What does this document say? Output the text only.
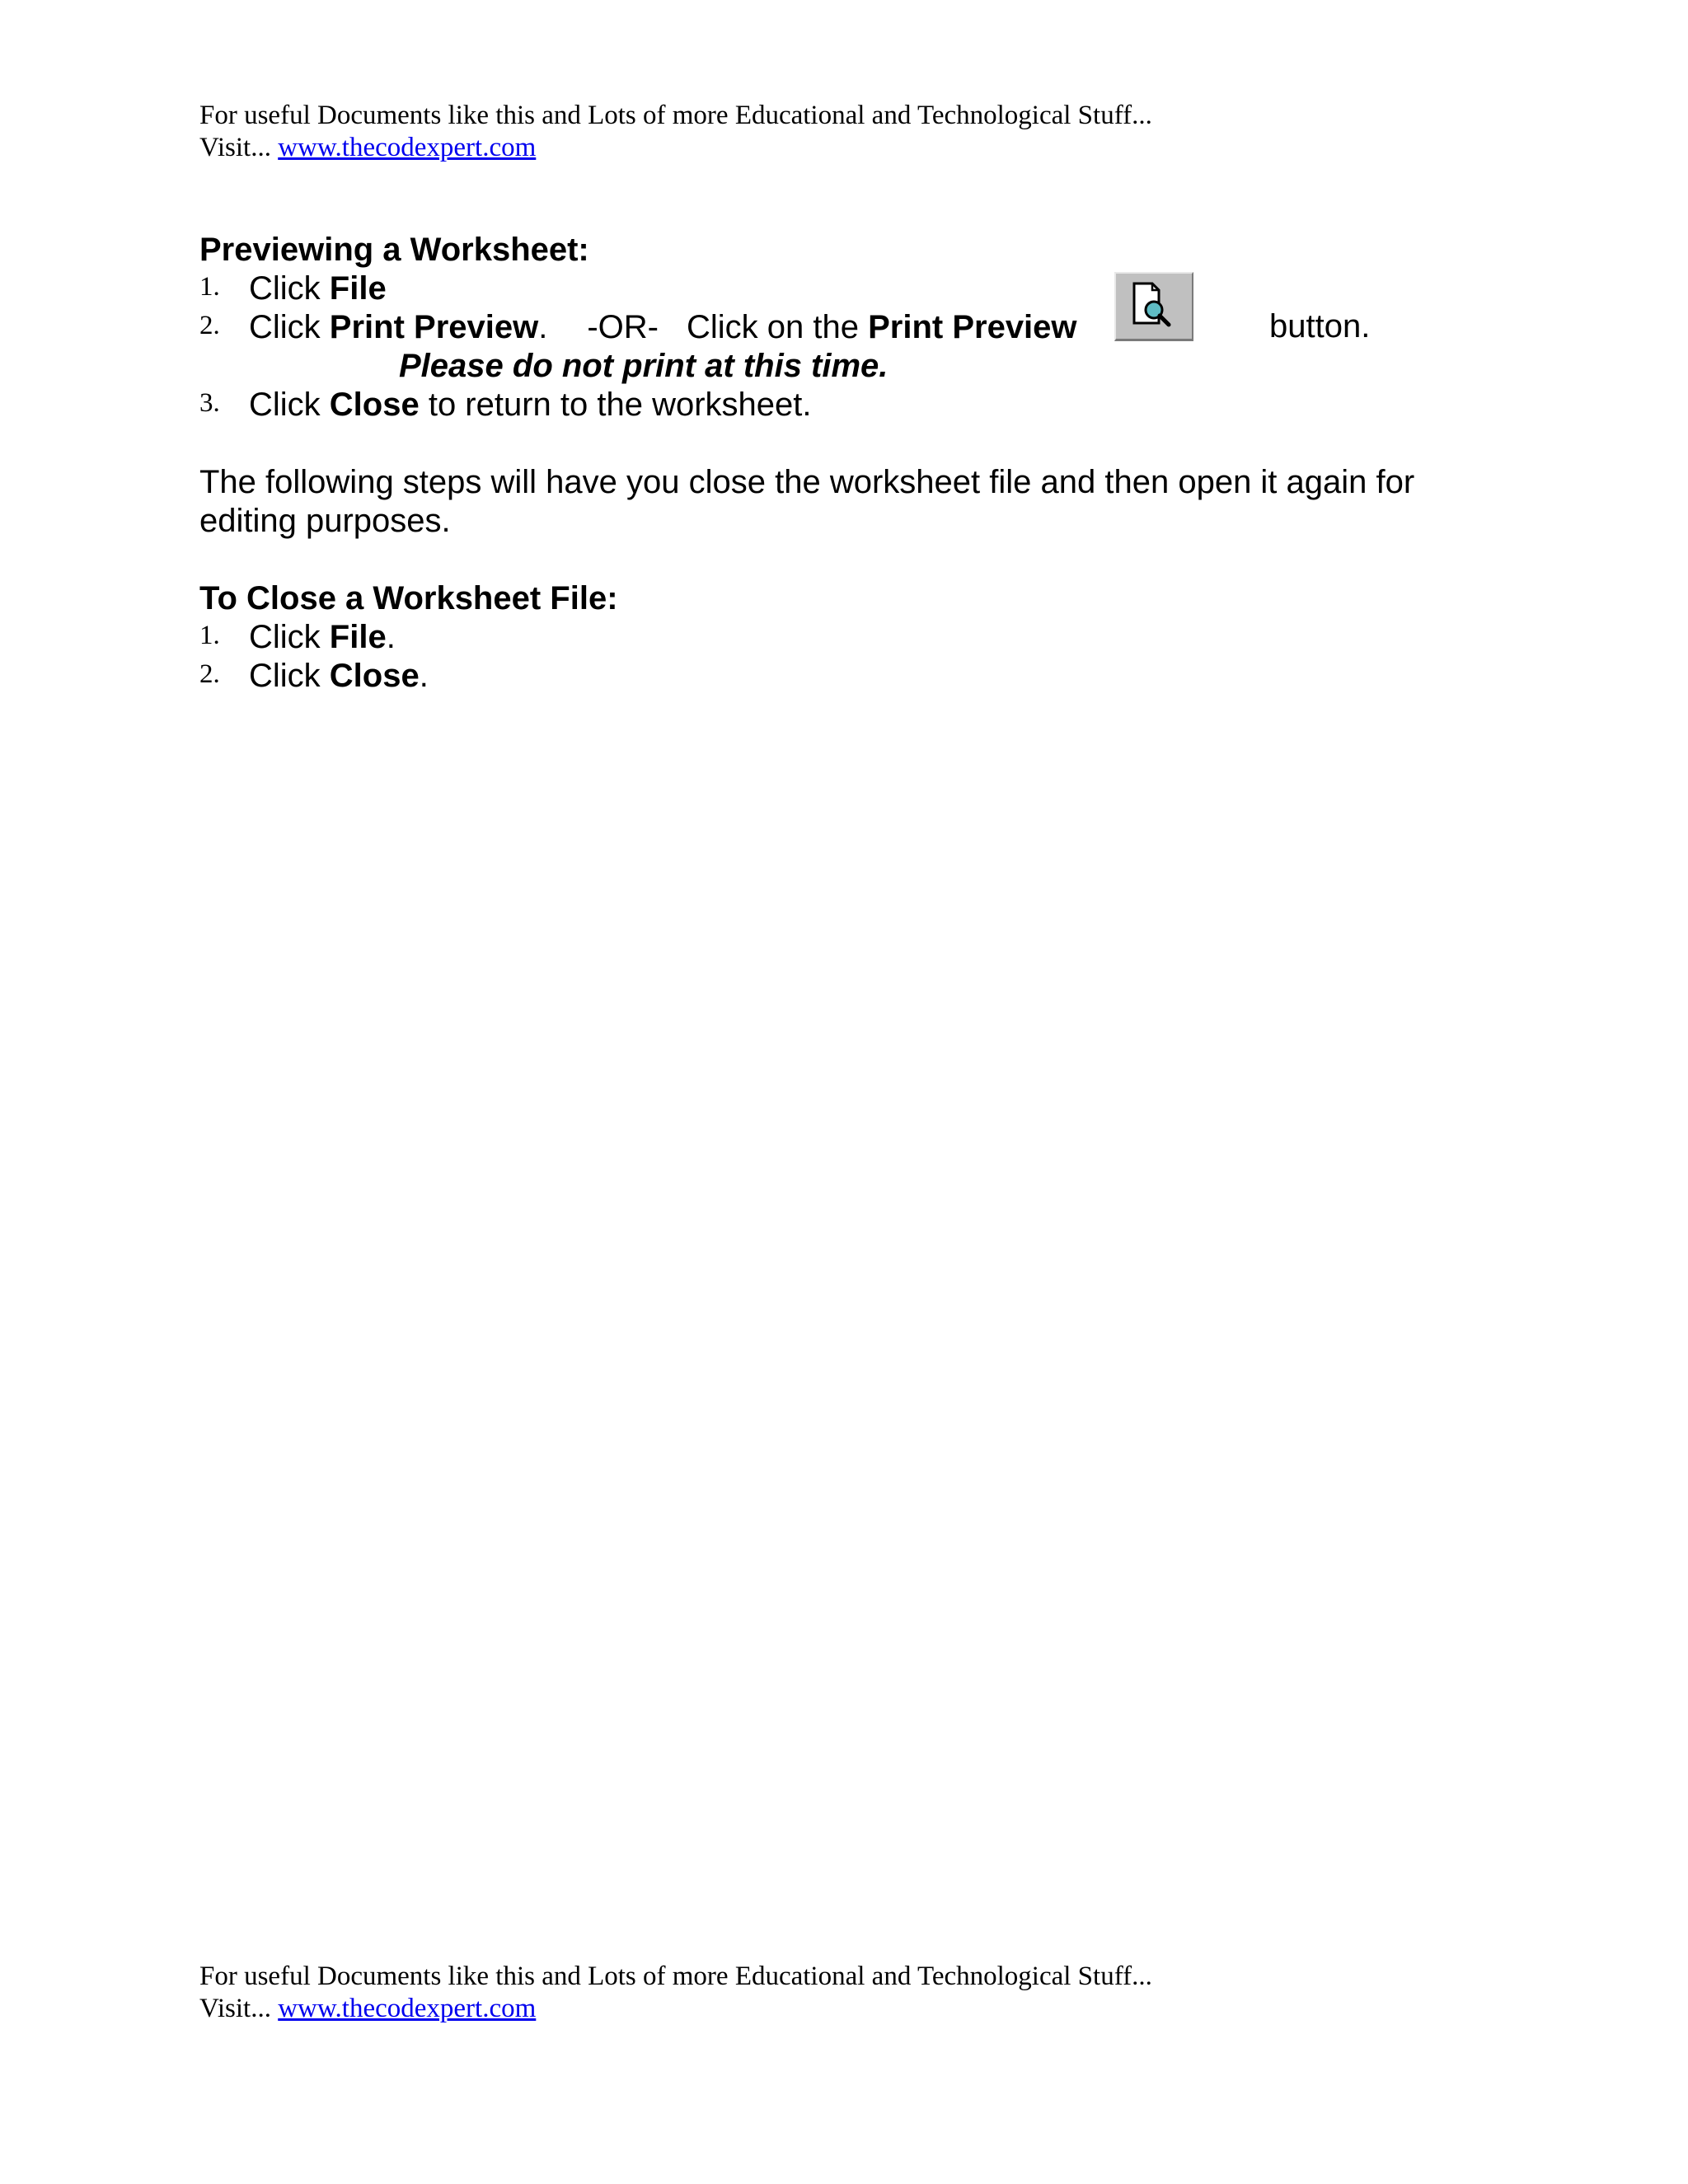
For useful Documents like this and Lots of more Educational and Technological Stuff...
Visit... www.thecodexpert.com
Previewing a Worksheet:
1. Click File
2. Click Print Preview. -OR- Click on the Print Preview	button.
Please do not print at this time.
3. Click Close to return to the worksheet.
The following steps will have you close the worksheet file and then open it again for editing purposes.
To Close a Worksheet File:
1. Click File.
2. Click Close.
For useful Documents like this and Lots of more Educational and Technological Stuff...
Visit... www.thecodexpert.com
